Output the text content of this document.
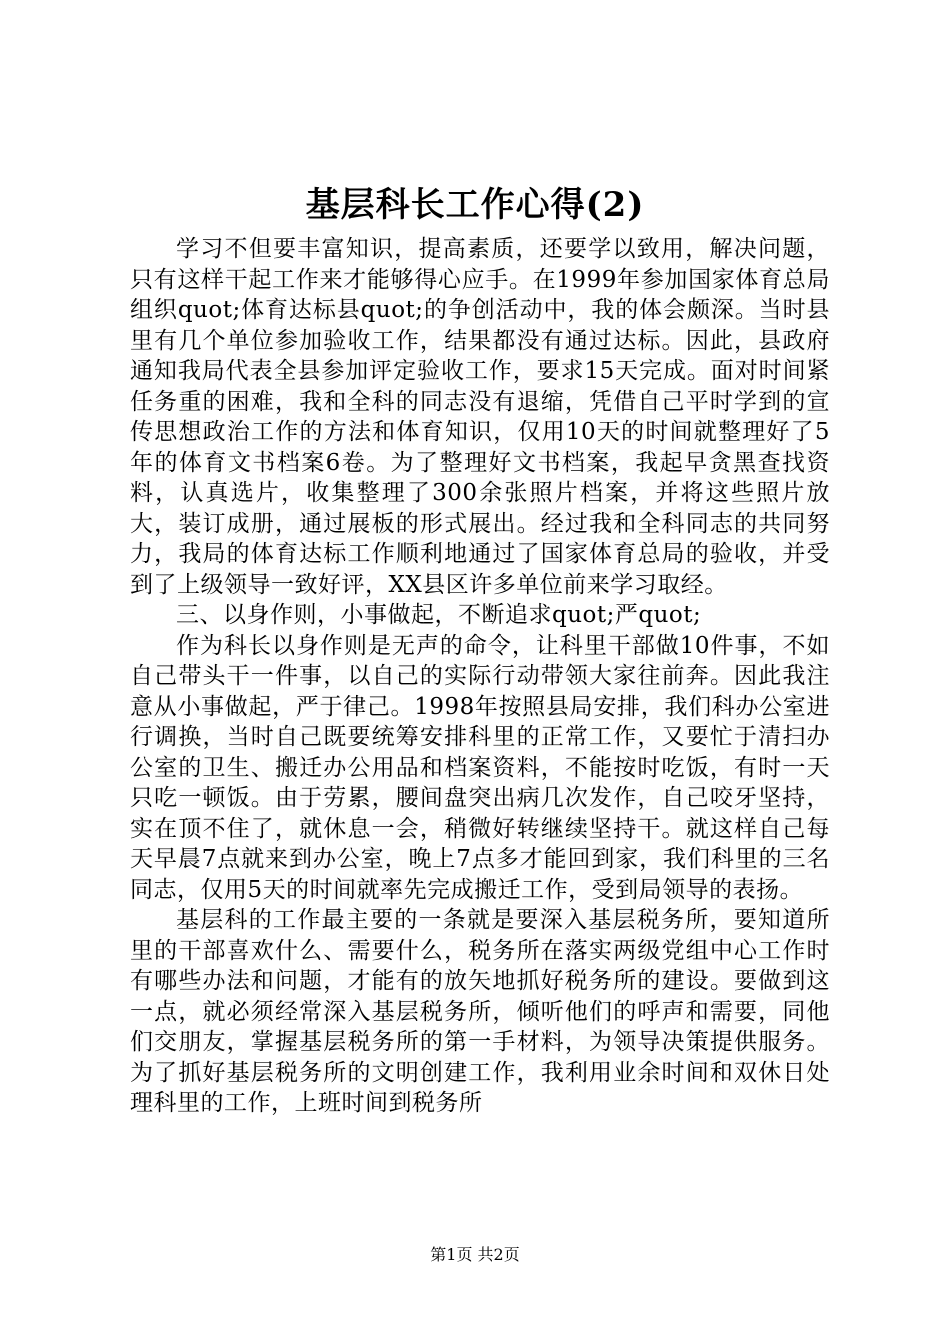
基层科长工作心得(2)

学习不但要丰富知识，提高素质，还要学以致用，解决问题，只有这样干起工作来才能够得心应手。在1999年参加国家体育总局组织quot;体育达标县quot;的争创活动中，我的体会颇深。当时县里有几个单位参加验收工作，结果都没有通过达标。因此，县政府通知我局代表全县参加评定验收工作，要求15天完成。面对时间紧任务重的困难，我和全科的同志没有退缩，凭借自己平时学到的宣传思想政治工作的方法和体育知识，仅用10天的时间就整理好了5年的体育文书档案6卷。为了整理好文书档案，我起早贪黑查找资料，认真选片，收集整理了300余张照片档案，并将这些照片放大，装订成册，通过展板的形式展出。经过我和全科同志的共同努力，我局的体育达标工作顺利地通过了国家体育总局的验收，并受到了上级领导一致好评，XX县区许多单位前来学习取经。

三、以身作则，小事做起，不断追求quot;严quot;

作为科长以身作则是无声的命令，让科里干部做10件事，不如自己带头干一件事，以自己的实际行动带领大家往前奔。因此我注意从小事做起，严于律己。1998年按照县局安排，我们科办公室进行调换，当时自己既要统筹安排科里的正常工作，又要忙于清扫办公室的卫生、搬迁办公用品和档案资料，不能按时吃饭，有时一天只吃一顿饭。由于劳累，腰间盘突出病几次发作，自己咬牙坚持，实在顶不住了，就休息一会，稍微好转继续坚持干。就这样自己每天早晨7点就来到办公室，晚上7点多才能回到家，我们科里的三名同志，仅用5天的时间就率先完成搬迁工作，受到局领导的表扬。

基层科的工作最主要的一条就是要深入基层税务所，要知道所里的干部喜欢什么、需要什么，税务所在落实两级党组中心工作时有哪些办法和问题，才能有的放矢地抓好税务所的建设。要做到这一点，就必须经常深入基层税务所，倾听他们的呼声和需要，同他们交朋友，掌握基层税务所的第一手材料，为领导决策提供服务。为了抓好基层税务所的文明创建工作，我利用业余时间和双休日处理科里的工作，上班时间到税务所

第1页 共2页
